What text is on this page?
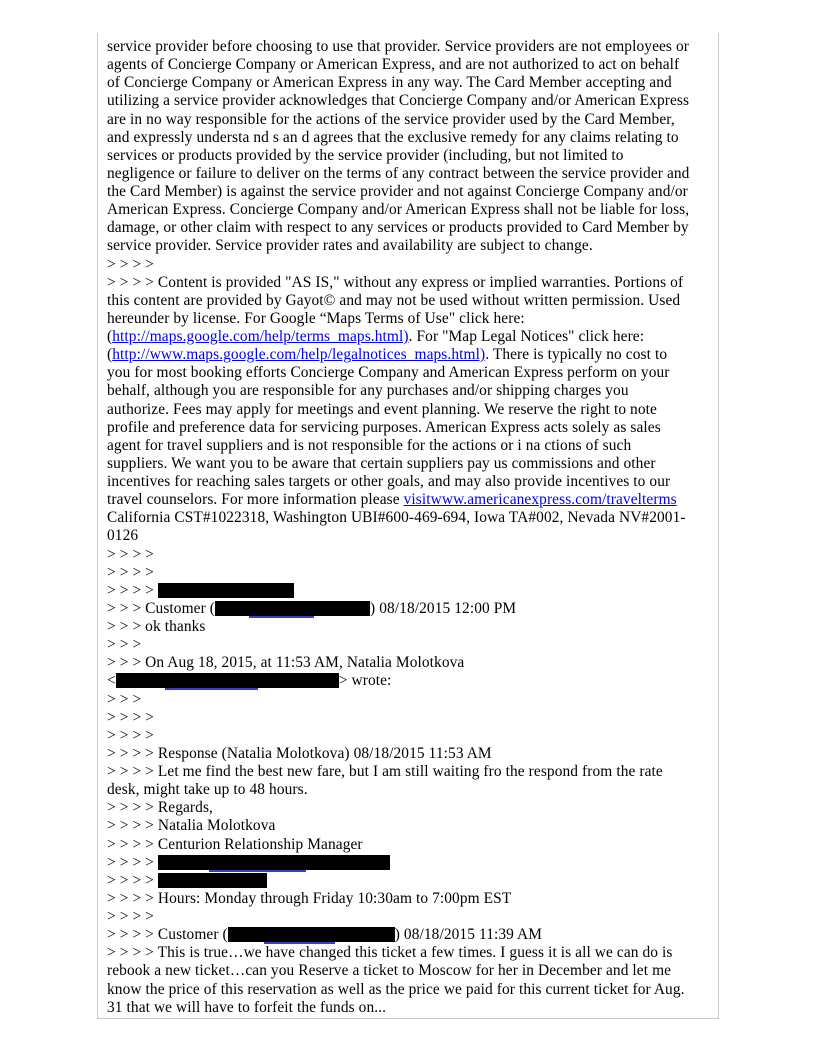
service provider before choosing to use that provider. Service providers are not employees or
agents of Concierge Company or American Express, and are not authorized to act on behalf
of Concierge Company or American Express in any way. The Card Member accepting and
utilizing a service provider acknowledges that Concierge Company and/or American Express
are in no way responsible for the actions of the service provider used by the Card Member,
and expressly understa nd s an d agrees that the exclusive remedy for any claims relating to
services or products provided by the service provider (including, but not limited to
negligence or failure to deliver on the terms of any contract between the service provider and
the Card Member) is against the service provider and not against Concierge Company and/or
American Express. Concierge Company and/or American Express shall not be liable for loss,
damage, or other claim with respect to any services or products provided to Card Member by
service provider. Service provider rates and availability are subject to change.
> > > >
> > > > Content is provided "AS IS," without any express or implied warranties. Portions of
this content are provided by Gayot© and may not be used without written permission. Used
hereunder by license. For Google “Maps Terms of Use" click here:
(http://maps.google.com/help/terms_maps.html). For "Map Legal Notices" click here:
(http://www.maps.google.com/help/legalnotices_maps.html). There is typically no cost to
you for most booking efforts Concierge Company and American Express perform on your
behalf, although you are responsible for any purchases and/or shipping charges you
authorize. Fees may apply for meetings and event planning. We reserve the right to note
profile and preference data for servicing purposes. American Express acts solely as sales
agent for travel suppliers and is not responsible for the actions or i na ctions of such
suppliers. We want you to be aware that certain suppliers pay us commissions and other
incentives for reaching sales targets or other goals, and may also provide incentives to our
travel counselors. For more information please visitwww.americanexpress.com/travelterms
California CST#1022318, Washington UBI#600-469-694, Iowa TA#002, Nevada NV#2001-
0126
> > > >
> > > >
> > > >
> > > Customer (	) 08/18/2015 12:00 PM
> > > ok thanks
> > >
> > > On Aug 18, 2015, at 11:53 AM, Natalia Molotkova
<	> wrote:
> > >
> > > >
> > > >
> > > > Response (Natalia Molotkova) 08/18/2015 11:53 AM
> > > > Let me find the best new fare, but I am still waiting fro the respond from the rate
desk, might take up to 48 hours.
> > > > Regards,
> > > > Natalia Molotkova
> > > > Centurion Relationship Manager
> > > >
> > > >
> > > > Hours: Monday through Friday 10:30am to 7:00pm EST
> > > >
> > > > Customer (	) 08/18/2015 11:39 AM
> > > > This is true…we have changed this ticket a few times. I guess it is all we can do is
rebook a new ticket…can you Reserve a ticket to Moscow for her in December and let me
know the price of this reservation as well as the price we paid for this current ticket for Aug.
31 that we will have to forfeit the funds on...
